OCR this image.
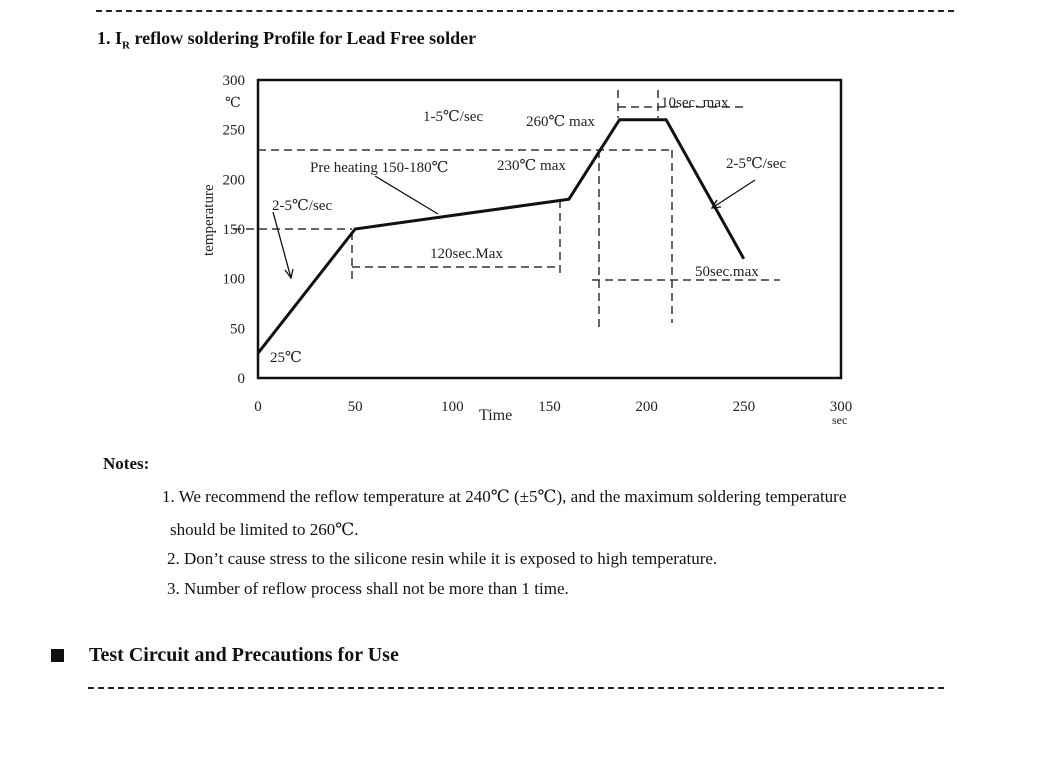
1. $I_R$ reflow soldering Profile for Lead Free solder
0
50
100
150
200
250
300
0	50	100	150	200	250	300
℃
sec
Time
temperature	2-5℃/sec
Pre heating 150-180℃
1-5℃/sec
230℃ max
260℃ max
10sec. max
2-5℃/sec
120sec.Max
50sec.max
25℃
Notes:
1. We recommend the reflow temperature at 240℃ (±5℃), and the maximum soldering temperature
should be limited to 260℃.
2. Don’t cause stress to the silicone resin while it is exposed to high temperature.
3. Number of reflow process shall not be more than 1 time.
Test Circuit and Precautions for Use
